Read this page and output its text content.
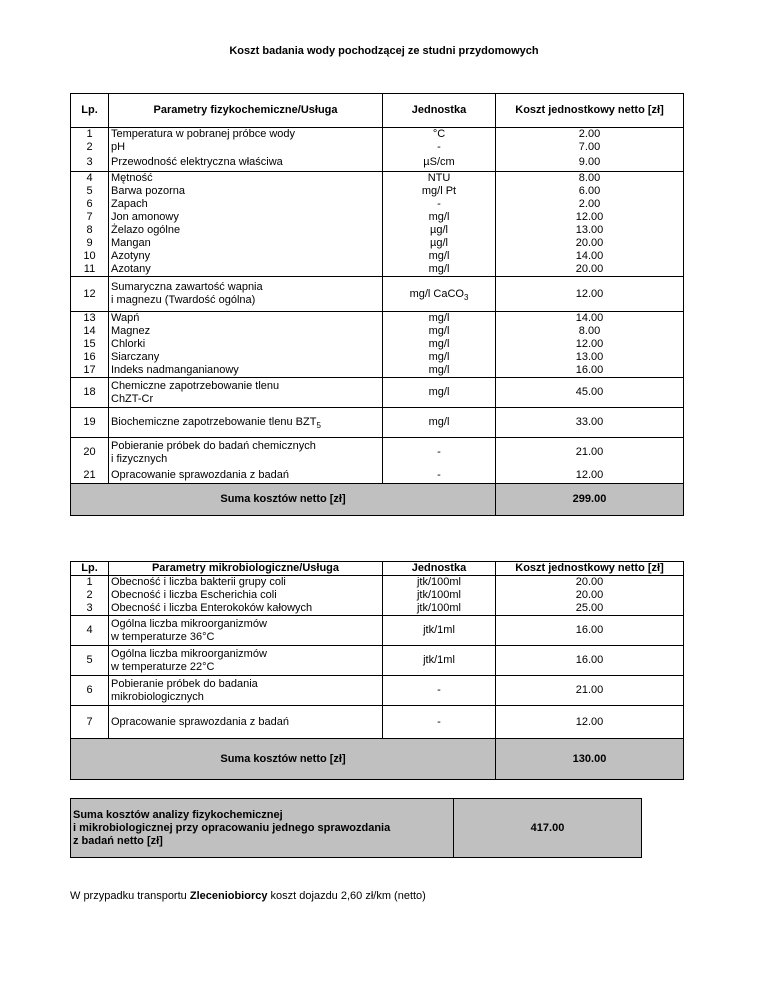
Koszt badania wody pochodzącej ze studni przydomowych
Lp.	Parametry fizykochemiczne/Usługa	Jednostka	Koszt jednostkowy netto [zł]
1	Temperatura w pobranej próbce wody	°C	2.00
2	pH	-	7.00
3	Przewodność elektryczna właściwa	µS/cm	9.00
4	Mętność	NTU	8.00
5	Barwa pozorna	mg/l Pt	6.00
6	Zapach	-	2.00
7	Jon amonowy	mg/l	12.00
8	Żelazo ogólne	µg/l	13.00
9	Mangan	µg/l	20.00
10	Azotyny	mg/l	14.00
11	Azotany	mg/l	20.00
12	Sumaryczna zawartość wapnia
i magnezu (Twardość ogólna)	mg/l CaCO$_3$	12.00
13	Wapń	mg/l	14.00
14	Magnez	mg/l	8.00
15	Chlorki	mg/l	12.00
16	Siarczany	mg/l	13.00
17	Indeks nadmanganianowy	mg/l	16.00
18	Chemiczne zapotrzebowanie tlenu
ChZT-Cr	mg/l	45.00
19	Biochemiczne zapotrzebowanie tlenu $BZT_5$	mg/l	33.00
20	Pobieranie próbek do badań chemicznych
i fizycznych	-	21.00
21	Opracowanie sprawozdania z badań	-	12.00
Suma kosztów netto [zł]			299.00
Lp.	Parametry mikrobiologiczne/Usługa	Jednostka	Koszt jednostkowy netto [zł]
1	Obecność i liczba bakterii grupy coli	jtk/100ml	20.00
2	Obecność i liczba Escherichia coli	jtk/100ml	20.00
3	Obecność i liczba Enterokoków kałowych	jtk/100ml	25.00
4	Ogólna liczba mikroorganizmów
w temperaturze 36°C	jtk/1ml	16.00
5	Ogólna liczba mikroorganizmów
w temperaturze 22°C	jtk/1ml	16.00
6	Pobieranie próbek do badania
mikrobiologicznych	-	21.00
7	Opracowanie sprawozdania z badań	-	12.00
Suma kosztów netto [zł]			130.00
Suma kosztów analizy fizykochemicznej
i mikrobiologicznej przy opracowaniu jednego sprawozdania
z badań netto [zł]
	417.00
W przypadku transportu Zleceniobiorcy koszt dojazdu 2,60 zł/km (netto)
